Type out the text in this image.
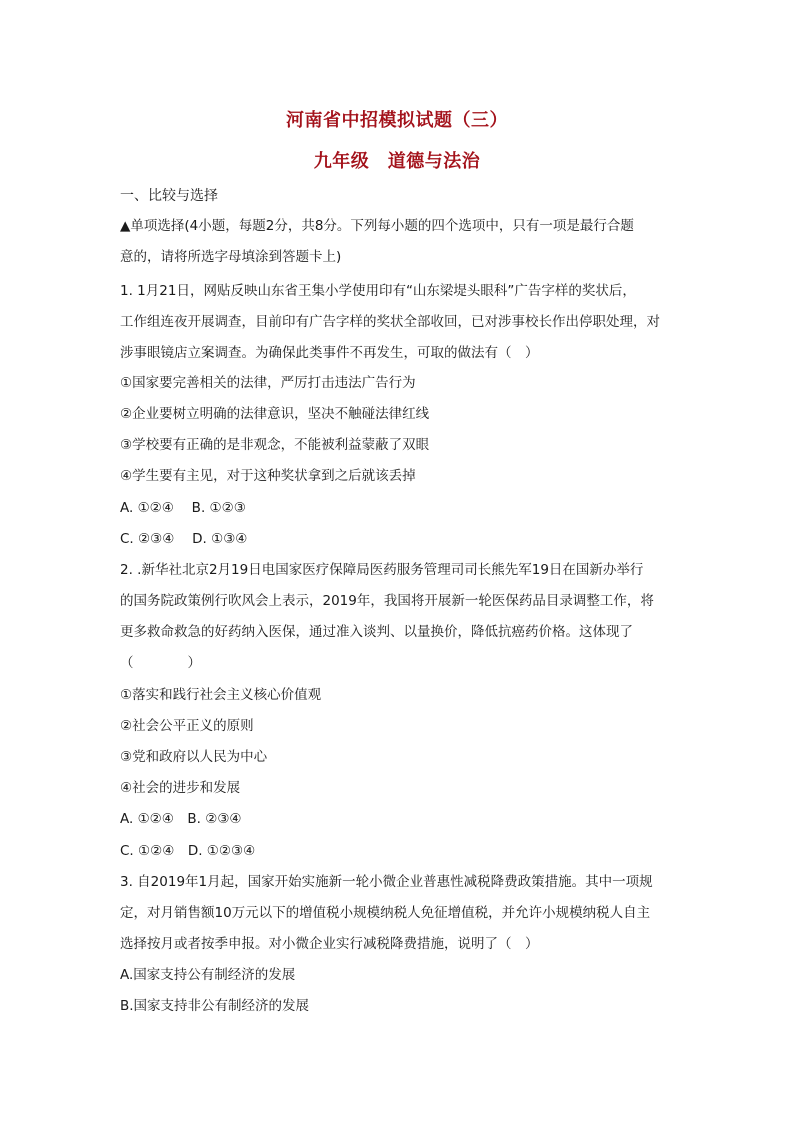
河南省中招模拟试题（三）
九年级　道德与法治
一、比较与选择
▲单项选择(4小题，每题2分，共8分。下列每小题的四个选项中，只有一项是最行合题
意的，请将所选字母填涂到答题卡上)
1. 1月21日，网贴反映山东省王集小学使用印有“山东梁堤头眼科”广告字样的奖状后，
工作组连夜开展调查，目前印有广告字样的奖状全部收回，已对涉事校长作出停职处理，对
涉事眼镜店立案调查。为确保此类事件不再发生，可取的做法有（　）
①国家要完善相关的法律，严厉打击违法广告行为
②企业要树立明确的法律意识，坚决不触碰法律红线
③学校要有正确的是非观念，不能被利益蒙蔽了双眼
④学生要有主见，对于这种奖状拿到之后就该丢掉
A. ①②④　 B. ①②③
C. ②③④　 D. ①③④
2. .新华社北京2月19日电国家医疗保障局医药服务管理司司长熊先军19日在国新办举行
的国务院政策例行吹风会上表示，2019年，我国将开展新一轮医保药品目录调整工作，将
更多救命救急的好药纳入医保，通过准入谈判、以量换价，降低抗癌药价格。这体现了
（　　　　）
①落实和践行社会主义核心价值观
②社会公平正义的原则
③党和政府以人民为中心
④社会的进步和发展
A. ①②④　B. ②③④
C. ①②④　D. ①②③④
3. 自2019年1月起，国家开始实施新一轮小微企业普惠性减税降费政策措施。其中一项规
定，对月销售额10万元以下的增值税小规模纳税人免征增值税，并允许小规模纳税人自主
选择按月或者按季申报。对小微企业实行减税降费措施，说明了（　）
A.国家支持公有制经济的发展
B.国家支持非公有制经济的发展
